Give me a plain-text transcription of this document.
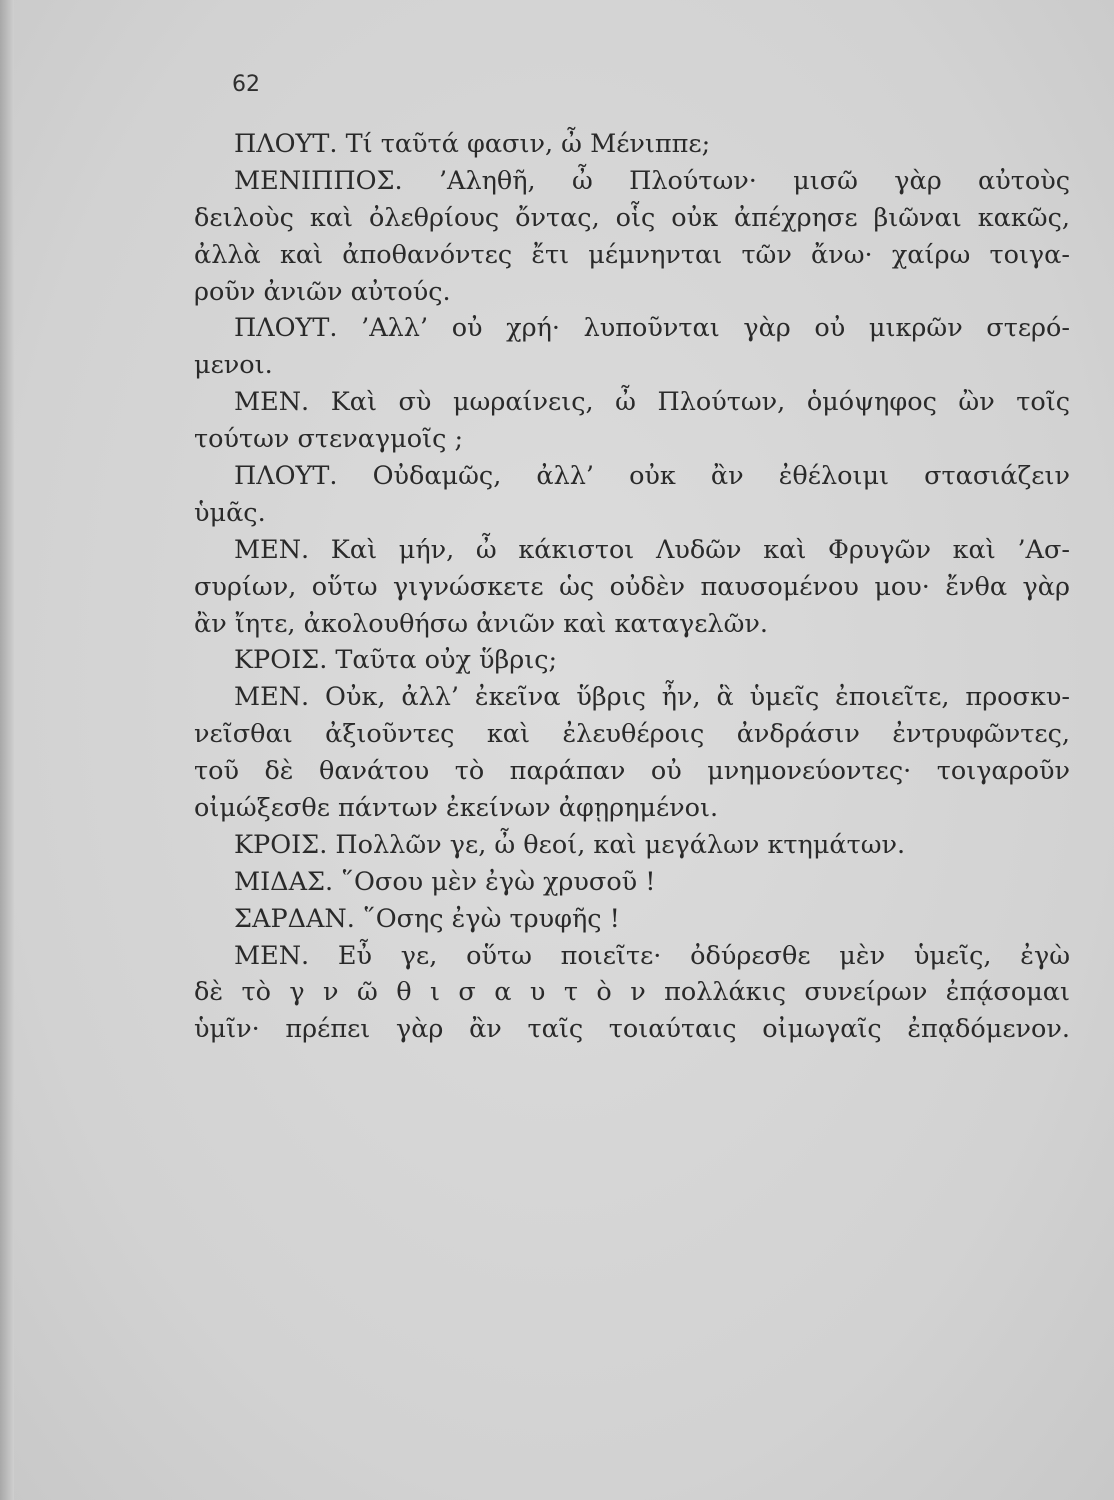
62
ΠΛΟΥΤ. Τί ταῦτά φασιν, ὦ Μένιππε;
ΜΕΝΙΠΠΟΣ. ’Αληθῆ, ὦ Πλούτων· μισῶ γὰρ αὐτοὺς
δειλοὺς καὶ ὀλεθρίους ὄντας, οἷς οὐκ ἀπέχρησε βιῶναι κακῶς,
ἀλλὰ καὶ ἀποθανόντες ἔτι μέμνηνται τῶν ἄνω· χαίρω τοιγα-
ροῦν ἀνιῶν αὐτούς.
ΠΛΟΥΤ. ’Αλλ’ οὐ χρή· λυποῦνται γὰρ οὐ μικρῶν στερό-
μενοι.
ΜΕΝ. Καὶ σὺ μωραίνεις, ὦ Πλούτων, ὁμόψηφος ὢν τοῖς
τούτων στεναγμοῖς ;
ΠΛΟΥΤ. Οὐδαμῶς, ἀλλ’ οὐκ ἂν ἐθέλοιμι στασιάζειν
ὑμᾶς.
ΜΕΝ. Καὶ μήν, ὦ κάκιστοι Λυδῶν καὶ Φρυγῶν καὶ ’Ασ-
συρίων, οὕτω γιγνώσκετε ὡς οὐδὲν παυσομένου μου· ἔνθα γὰρ
ἂν ἴητε, ἀκολουθήσω ἀνιῶν καὶ καταγελῶν.
ΚΡΟΙΣ. Ταῦτα οὐχ ὕβρις;
ΜΕΝ. Οὐκ, ἀλλ’ ἐκεῖνα ὕβρις ἦν, ἃ ὑμεῖς ἐποιεῖτε, προσκυ-
νεῖσθαι ἀξιοῦντες καὶ ἐλευθέροις ἀνδράσιν ἐντρυφῶντες,
τοῦ δὲ θανάτου τὸ παράπαν οὐ μνημονεύοντες· τοιγαροῦν
οἰμώξεσθε πάντων ἐκείνων ἀφῃρημένοι.
ΚΡΟΙΣ. Πολλῶν γε, ὦ θεοί, καὶ μεγάλων κτημάτων.
ΜΙΔΑΣ. ῞Οσου μὲν ἐγὼ χρυσοῦ !
ΣΑΡΔΑΝ. ῞Οσης ἐγὼ τρυφῆς !
ΜΕΝ. Εὖ γε, οὕτω ποιεῖτε· ὀδύρεσθε μὲν ὑμεῖς, ἐγὼ
δὲ τὸ γ ν ῶ θ ι σ α υ τ ὸ ν πολλάκις συνείρων ἐπᾴσομαι
ὑμῖν· πρέπει γὰρ ἂν ταῖς τοιαύταις οἰμωγαῖς ἐπᾳδόμενον.
